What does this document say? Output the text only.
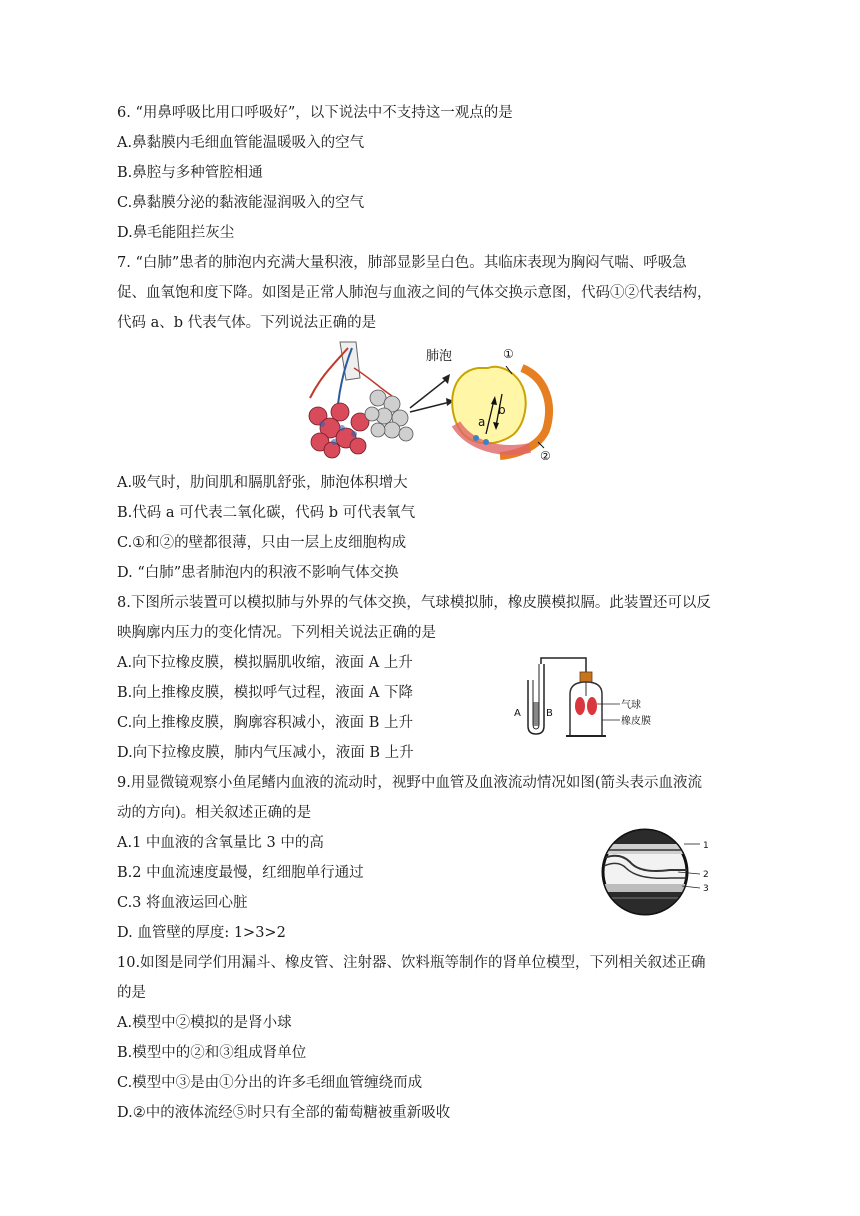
6. “用鼻呼吸比用口呼吸好”，以下说法中不支持这一观点的是
A.鼻黏膜内毛细血管能温暖吸入的空气
B.鼻腔与多种管腔相通
C.鼻黏膜分泌的黏液能湿润吸入的空气
D.鼻毛能阻拦灰尘
7. “白肺”患者的肺泡内充满大量积液，肺部显影呈白色。其临床表现为胸闷气喘、呼吸急
促、血氧饱和度下降。如图是正常人肺泡与血液之间的气体交换示意图，代码①②代表结构，
代码 a、b 代表气体。下列说法正确的是
肺泡
b
a
①
②
A.吸气时，肋间肌和膈肌舒张，肺泡体积增大
B.代码 a 可代表二氧化碳，代码 b 可代表氧气
C.①和②的壁都很薄，只由一层上皮细胞构成
D. “白肺”患者肺泡内的积液不影响气体交换
8.下图所示装置可以模拟肺与外界的气体交换，气球模拟肺，橡皮膜模拟膈。此装置还可以反
映胸廓内压力的变化情况。下列相关说法正确的是
A.向下拉橡皮膜，模拟膈肌收缩，液面 A 上升
B.向上推橡皮膜，模拟呼气过程，液面 A 下降
C.向上推橡皮膜，胸廓容积减小，液面 B 上升
D.向下拉橡皮膜，肺内气压减小，液面 B 上升
A	B
气球
橡皮膜
9.用显微镜观察小鱼尾鳍内血液的流动时，视野中血管及血液流动情况如图(箭头表示血液流
动的方向)。相关叙述正确的是
A.1 中血液的含氧量比 3 中的高
B.2 中血流速度最慢，红细胞单行通过
C.3 将血液运回心脏
D. 血管壁的厚度: 1>3>2
1
2
3
10.如图是同学们用漏斗、橡皮管、注射器、饮料瓶等制作的肾单位模型，下列相关叙述正确
的是
A.模型中②模拟的是肾小球
B.模型中的②和③组成肾单位
C.模型中③是由①分出的许多毛细血管缠绕而成
D.②中的液体流经⑤时只有全部的葡萄糖被重新吸收
